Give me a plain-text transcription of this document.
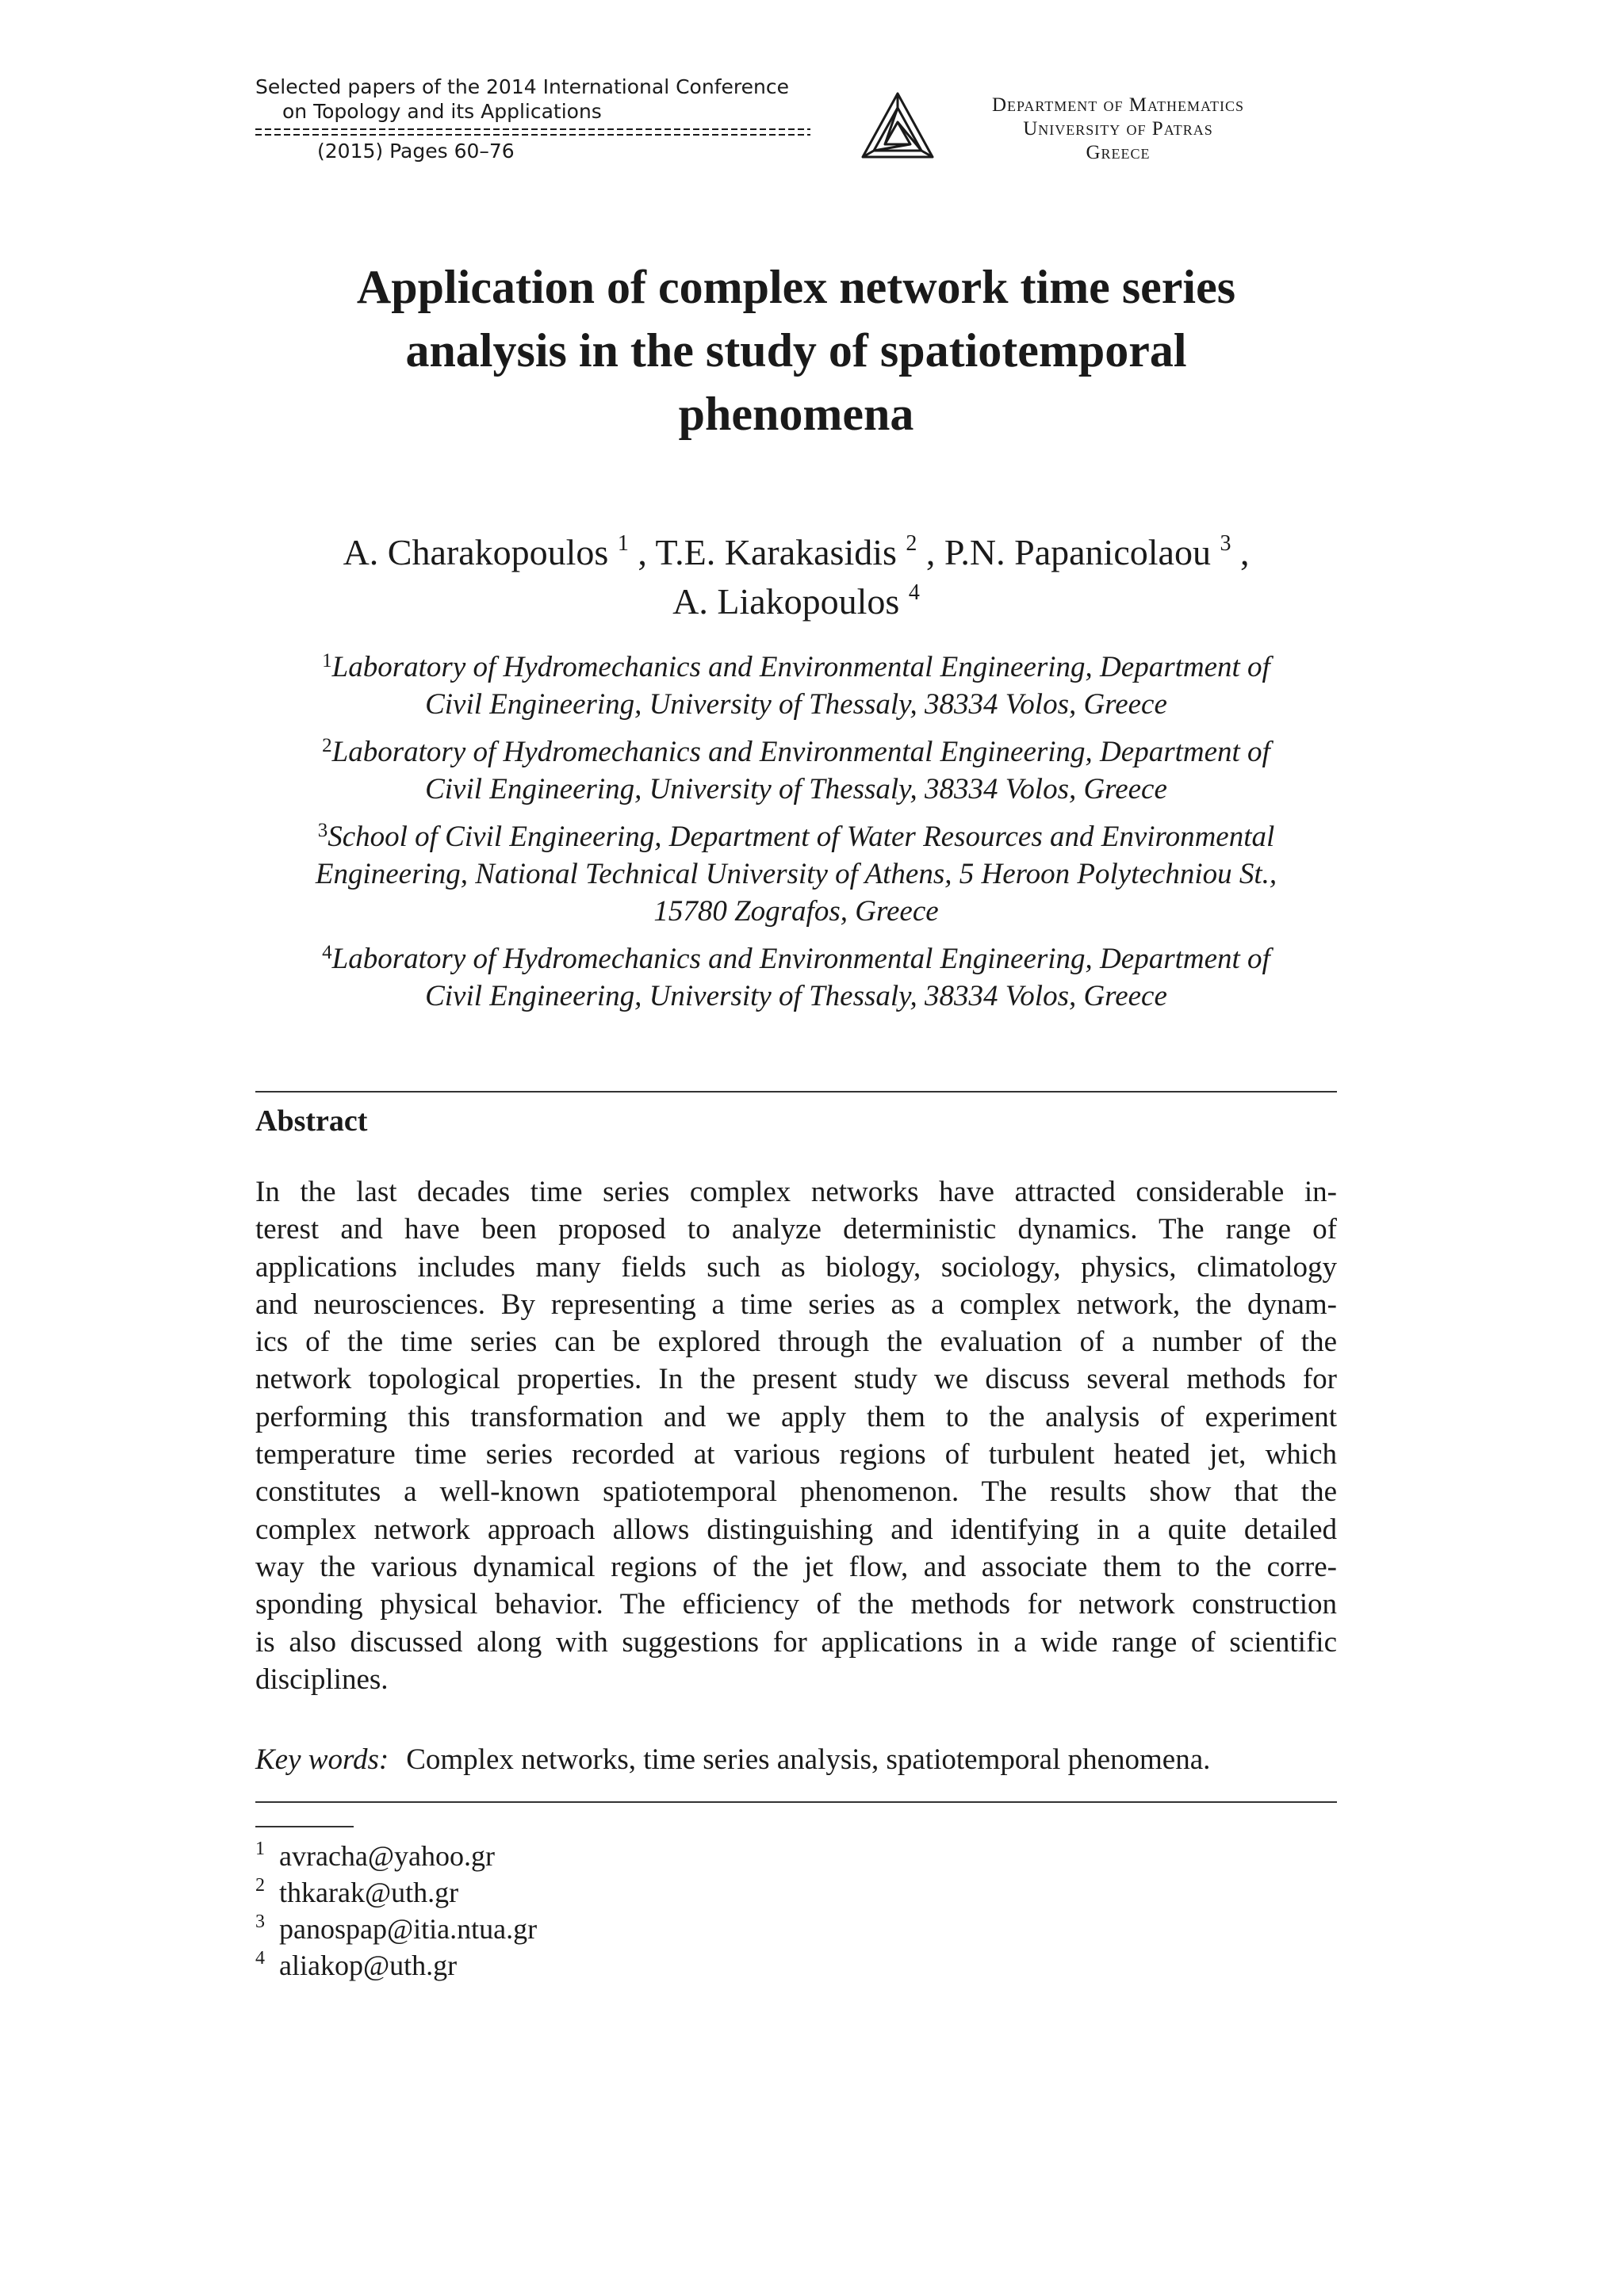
Selected papers of the 2014 International Conference
on Topology and its Applications
(2015) Pages 60–76
Department of Mathematics
University of Patras
Greece
Application of complex network time series
analysis in the study of spatiotemporal
phenomena
A. Charakopoulos $^1$ , T.E. Karakasidis $^2$ , P.N. Papanicolaou $^3$ ,
A. Liakopoulos $^4$
$^1$Laboratory of Hydromechanics and Environmental Engineering, Department of
Civil Engineering, University of Thessaly, 38334 Volos, Greece
$^2$Laboratory of Hydromechanics and Environmental Engineering, Department of
Civil Engineering, University of Thessaly, 38334 Volos, Greece
$^3$School of Civil Engineering, Department of Water Resources and Environmental
Engineering, National Technical University of Athens, 5 Heroon Polytechniou St.,
15780 Zografos, Greece
$^4$Laboratory of Hydromechanics and Environmental Engineering, Department of
Civil Engineering, University of Thessaly, 38334 Volos, Greece
Abstract
In the last decades time series complex networks have attracted considerable in-
terest and have been proposed to analyze deterministic dynamics. The range of
applications includes many fields such as biology, sociology, physics, climatology
and neurosciences. By representing a time series as a complex network, the dynam-
ics of the time series can be explored through the evaluation of a number of the
network topological properties. In the present study we discuss several methods for
performing this transformation and we apply them to the analysis of experiment
temperature time series recorded at various regions of turbulent heated jet, which
constitutes a well-known spatiotemporal phenomenon. The results show that the
complex network approach allows distinguishing and identifying in a quite detailed
way the various dynamical regions of the jet flow, and associate them to the corre-
sponding physical behavior. The efficiency of the methods for network construction
is also discussed along with suggestions for applications in a wide range of scientific
disciplines.
Key words: Complex networks, time series analysis, spatiotemporal phenomena.
$^1$ avracha@yahoo.gr
$^2$ thkarak@uth.gr
$^3$ panospap@itia.ntua.gr
$^4$ aliakop@uth.gr
